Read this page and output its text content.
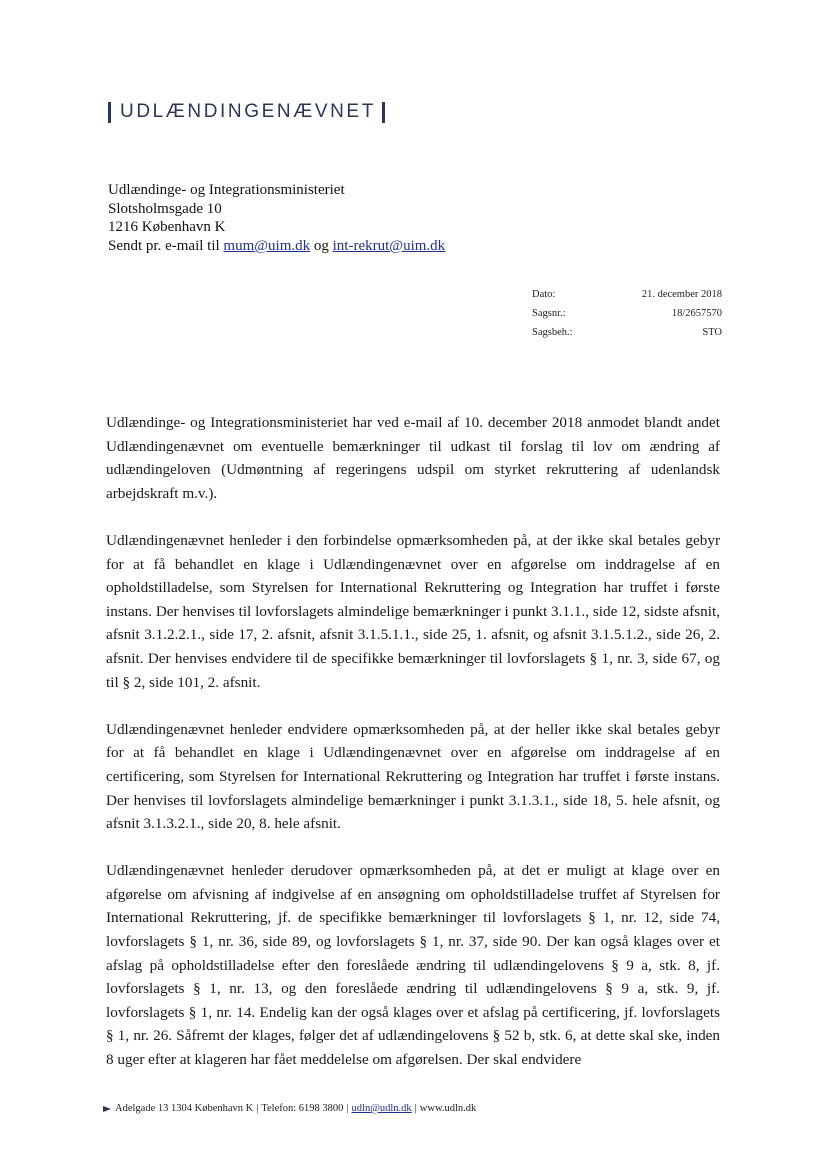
UDLÆNDINGENÆVNET
Udlændinge- og Integrationsministeriet
Slotsholmsgade 10
1216 København K
Sendt pr. e-mail til mum@uim.dk og int-rekrut@uim.dk
Dato:	21. december 2018
Sagsnr.:	18/2657570
Sagsbeh.:	STO

Udlændinge- og Integrationsministeriet har ved e-mail af 10. december 2018 anmodet blandt andet Udlændingenævnet om eventuelle bemærkninger til udkast til forslag til lov om ændring af udlændingeloven (Udmøntning af regeringens udspil om styrket rekruttering af udenlandsk arbejdskraft m.v.).

Udlændingenævnet henleder i den forbindelse opmærksomheden på, at der ikke skal betales gebyr for at få behandlet en klage i Udlændingenævnet over en afgørelse om inddragelse af en opholdstilladelse, som Styrelsen for International Rekruttering og Integration har truffet i første instans. Der henvises til lovforslagets almindelige bemærkninger i punkt 3.1.1., side 12, sidste afsnit, afsnit 3.1.2.2.1., side 17, 2. afsnit, afsnit 3.1.5.1.1., side 25, 1. afsnit, og afsnit 3.1.5.1.2., side 26, 2. afsnit. Der henvises endvidere til de specifikke bemærkninger til lovforslagets § 1, nr. 3, side 67, og til § 2, side 101, 2. afsnit.

Udlændingenævnet henleder endvidere opmærksomheden på, at der heller ikke skal betales gebyr for at få behandlet en klage i Udlændingenævnet over en afgørelse om inddragelse af en certificering, som Styrelsen for International Rekruttering og Integration har truffet i første instans. Der henvises til lovforslagets almindelige bemærkninger i punkt 3.1.3.1., side 18, 5. hele afsnit, og afsnit 3.1.3.2.1., side 20, 8. hele afsnit.

Udlændingenævnet henleder derudover opmærksomheden på, at det er muligt at klage over en afgørelse om afvisning af indgivelse af en ansøgning om opholdstilladelse truffet af Styrelsen for International Rekruttering, jf. de specifikke bemærkninger til lovforslagets § 1, nr. 12, side 74, lovforslagets § 1, nr. 36, side 89, og lovforslagets § 1, nr. 37, side 90. Der kan også klages over et afslag på opholdstilladelse efter den foreslåede ændring til udlændingelovens § 9 a, stk. 8, jf. lovforslagets § 1, nr. 13, og den foreslåede ændring til udlændingelovens § 9 a, stk. 9, jf. lovforslagets § 1, nr. 14. Endelig kan der også klages over et afslag på certificering, jf. lovforslagets § 1, nr. 26. Såfremt der klages, følger det af udlændingelovens § 52 b, stk. 6, at dette skal ske, inden 8 uger efter at klageren har fået meddelelse om afgørelsen. Der skal endvidere

Adelgade 13 1304 København K | Telefon: 6198 3800 | udln@udln.dk | www.udln.dk
